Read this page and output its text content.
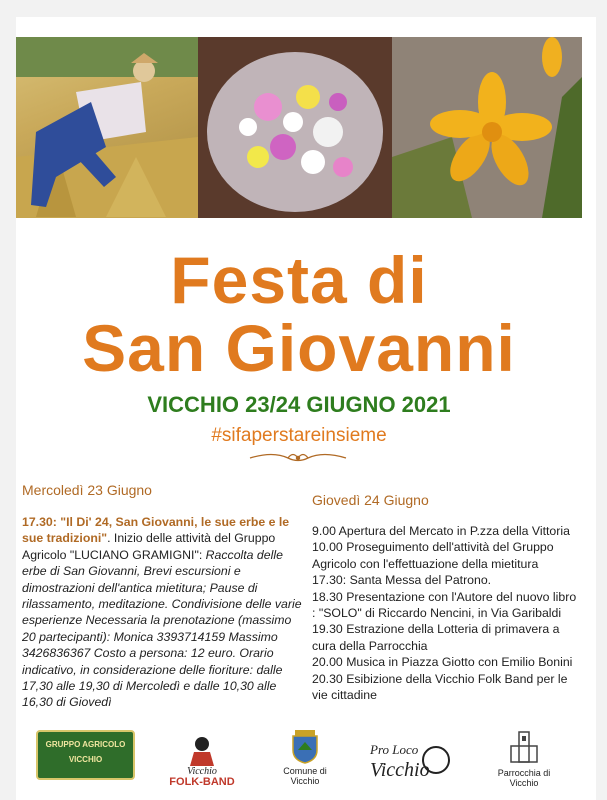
Festa di
San Giovanni
VICCHIO 23/24 GIUGNO 2021
#sifaperstareinsieme
Mercoledì 23 Giugno

17.30: "Il Di' 24, San Giovanni, le sue erbe e le sue tradizioni". Inizio delle attività del Gruppo Agricolo "LUCIANO GRAMIGNI": Raccolta delle erbe di San Giovanni, Brevi escursioni e dimostrazioni dell'antica mietitura; Pause di rilassamento, meditazione. Condivisione delle varie esperienze Necessaria la prenotazione (massimo 20 partecipanti): Monica 3393714159 Massimo 3426836367 Costo a persona: 12 euro. Orario indicativo, in considerazione delle fioriture: dalle 17,30 alle 19,30 di Mercoledì e dalle 10,30 alle 16,30 di Giovedì

Giovedì 24 Giugno

9.00 Apertura del Mercato in P.zza della Vittoria

10.00 Proseguimento dell'attività del Gruppo Agricolo con l'effettuazione della mietitura

17.30: Santa Messa del Patrono.

18.30 Presentazione con l'Autore del nuovo libro : "SOLO" di Riccardo Nencini, in Via Garibaldi

19.30 Estrazione della Lotteria di primavera a cura della Parrocchia

20.00 Musica in Piazza Giotto con Emilio Bonini

20.30 Esibizione della Vicchio Folk Band per le vie cittadine

GRUPPO AGRICOLO
VICCHIO
Vicchio
FOLK-BAND
Comune di Vicchio
Pro Loco
Vicchio	Parrocchia di Vicchio
